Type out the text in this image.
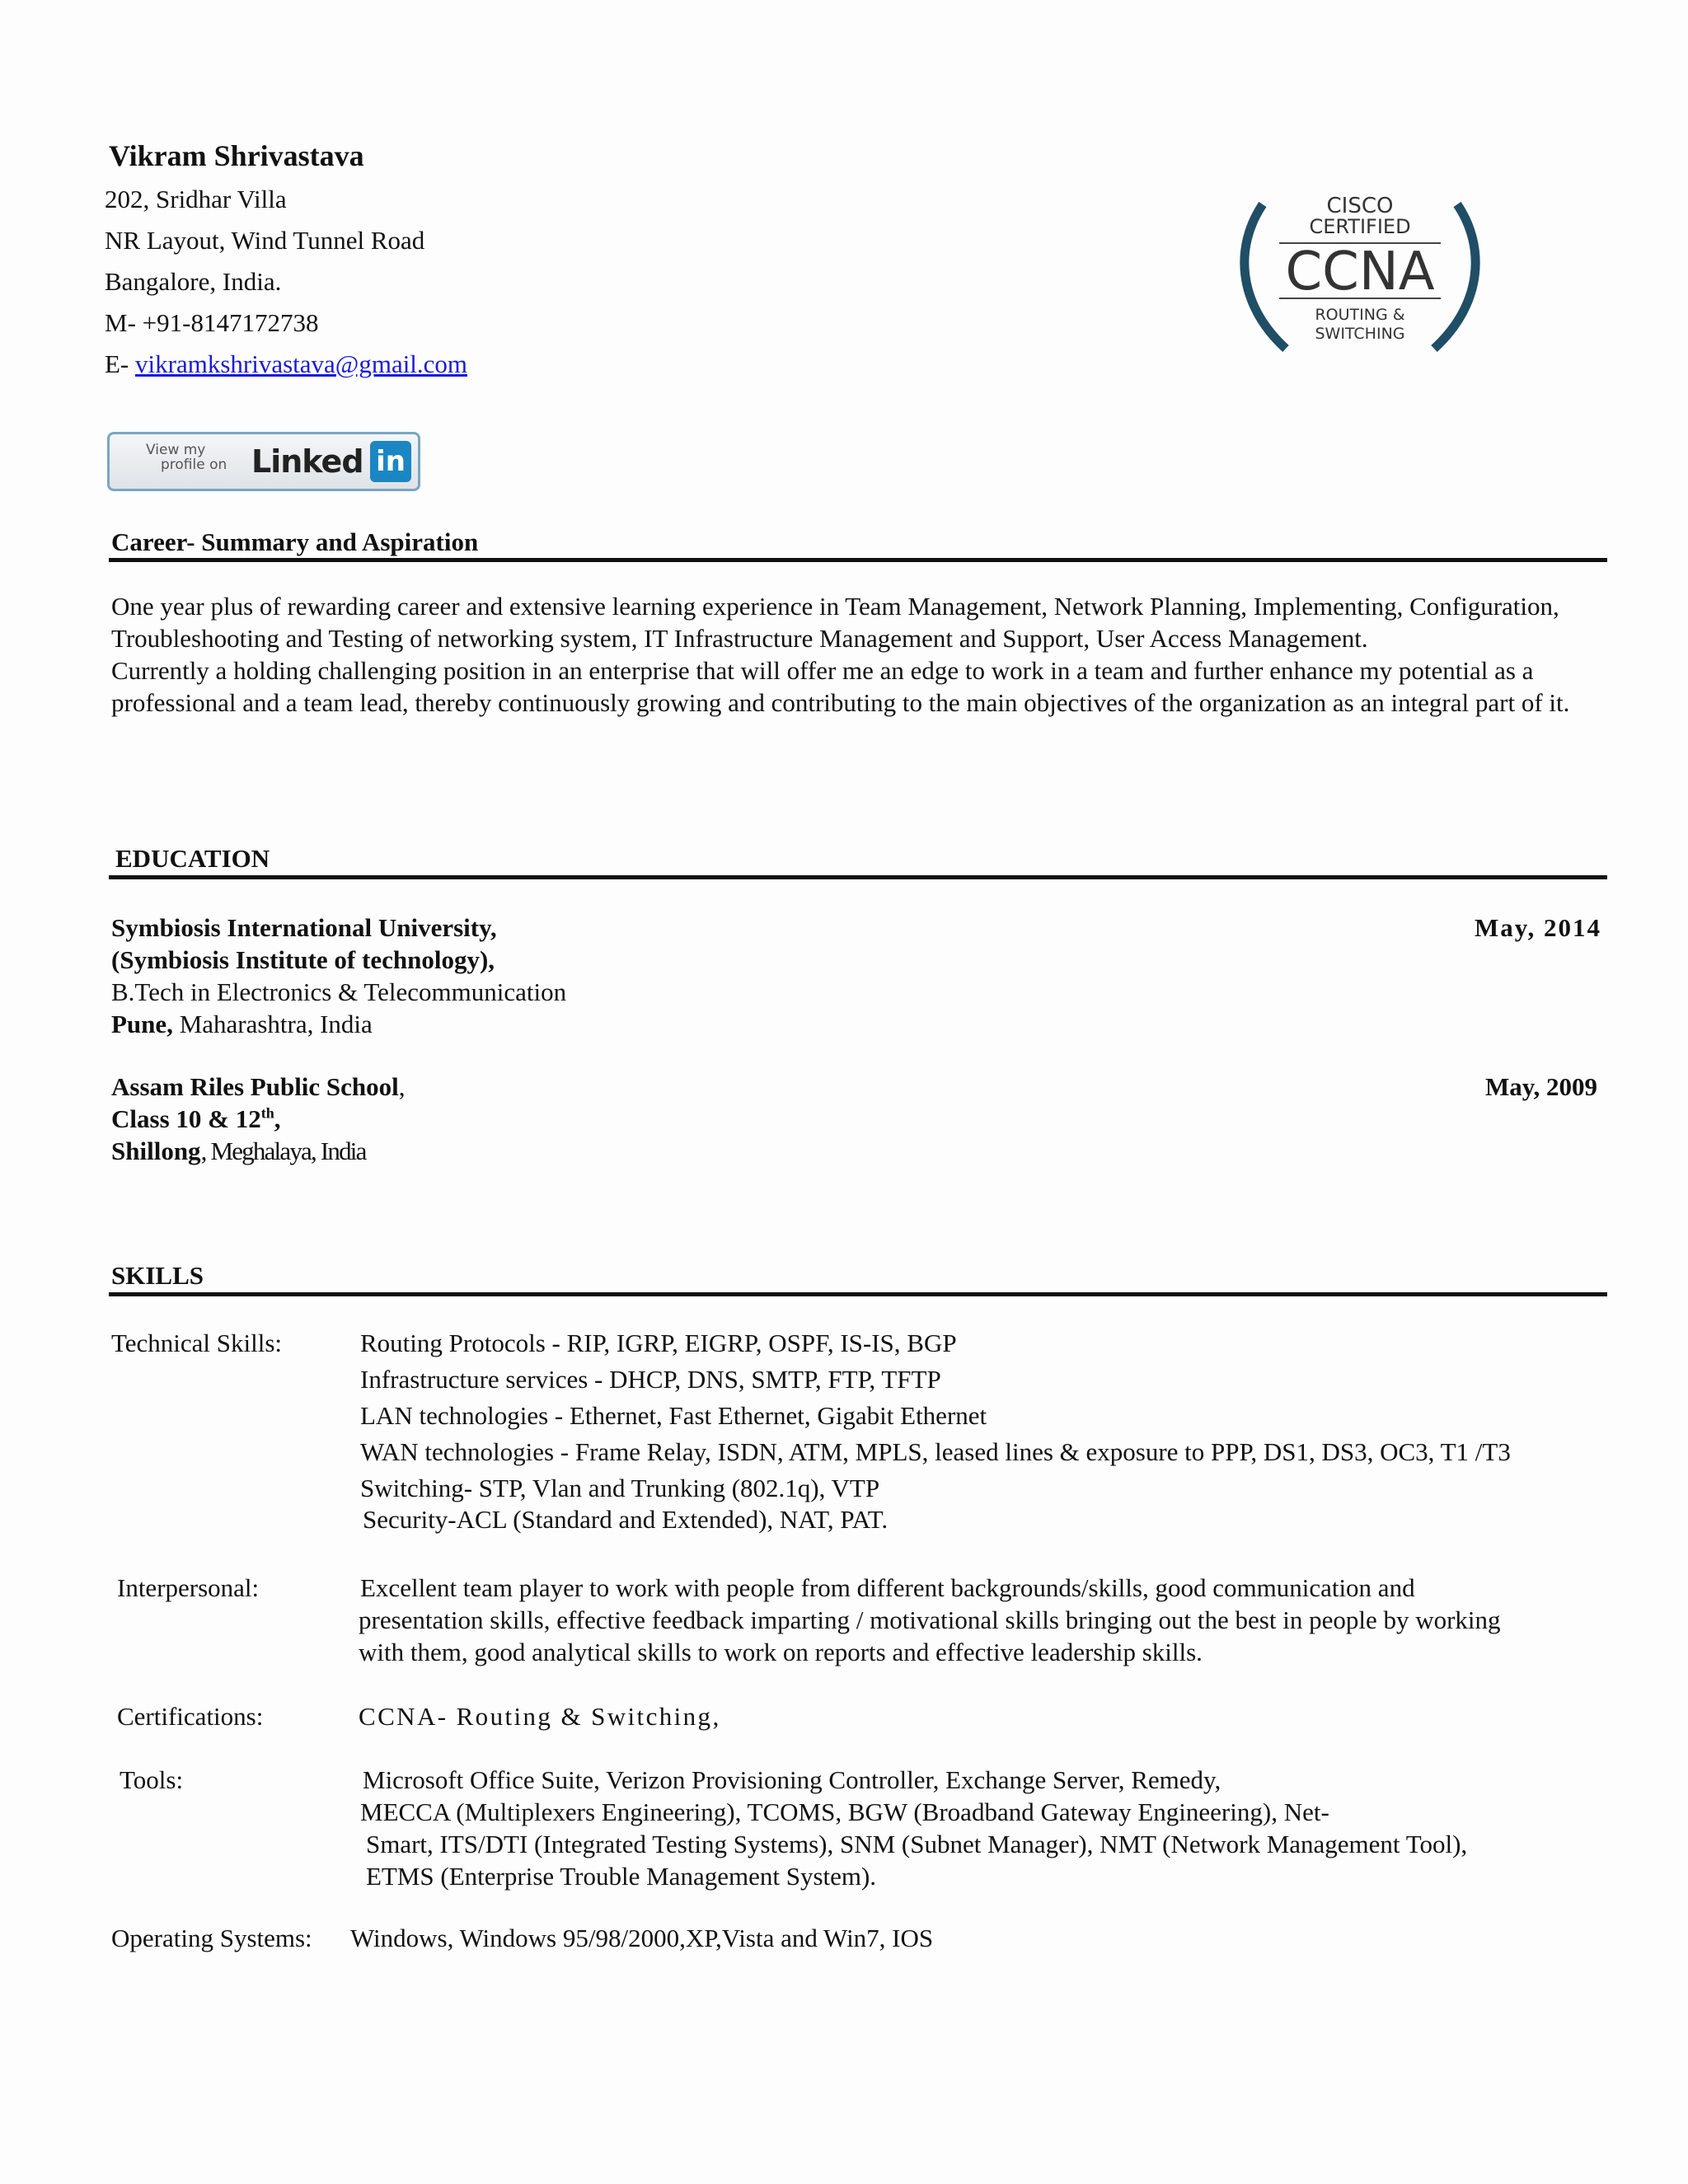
Vikram Shrivastava
202, Sridhar Villa
NR Layout, Wind Tunnel Road
Bangalore, India.
M- +91-8147172738
E- vikramkshrivastava@gmail.com
CISCO
CERTIFIED
CCNA
ROUTING &
SWITCHING
View my
profile on Linked in
Career- Summary and Aspiration

One year plus of rewarding career and extensive learning experience in Team Management, Network Planning, Implementing, Configuration, Troubleshooting and Testing of networking system, IT Infrastructure Management and Support, User Access Management.

Currently a holding challenging position in an enterprise that will offer me an edge to work in a team and further enhance my potential as a professional and a team lead, thereby continuously growing and contributing to the main objectives of the organization as an integral part of it.

EDUCATION
Symbiosis International University,	May, 2014
(Symbiosis Institute of technology),
B.Tech in Electronics & Telecommunication
Pune, Maharashtra, India
Assam Riles Public School,	May, 2009
Class 10 & 12th,
Shillong, Meghalaya, India
SKILLS
Technical Skills:	Routing Protocols - RIP, IGRP, EIGRP, OSPF, IS-IS, BGP
Infrastructure services - DHCP, DNS, SMTP, FTP, TFTP
LAN technologies - Ethernet, Fast Ethernet, Gigabit Ethernet
WAN technologies - Frame Relay, ISDN, ATM, MPLS, leased lines & exposure to PPP, DS1, DS3, OC3, T1 /T3
Switching- STP, Vlan and Trunking (802.1q), VTP
Security-ACL (Standard and Extended), NAT, PAT.
Interpersonal:	Excellent team player to work with people from different backgrounds/skills, good communication and
presentation skills, effective feedback imparting / motivational skills bringing out the best in people by working
with them, good analytical skills to work on reports and effective leadership skills.
Certifications:	CCNA- Routing & Switching,
Tools:	Microsoft Office Suite, Verizon Provisioning Controller, Exchange Server, Remedy,
MECCA (Multiplexers Engineering), TCOMS, BGW (Broadband Gateway Engineering), Net-
Smart, ITS/DTI (Integrated Testing Systems), SNM (Subnet Manager), NMT (Network Management Tool),
ETMS (Enterprise Trouble Management System).
Operating Systems: Windows, Windows 95/98/2000,XP,Vista and Win7, IOS
